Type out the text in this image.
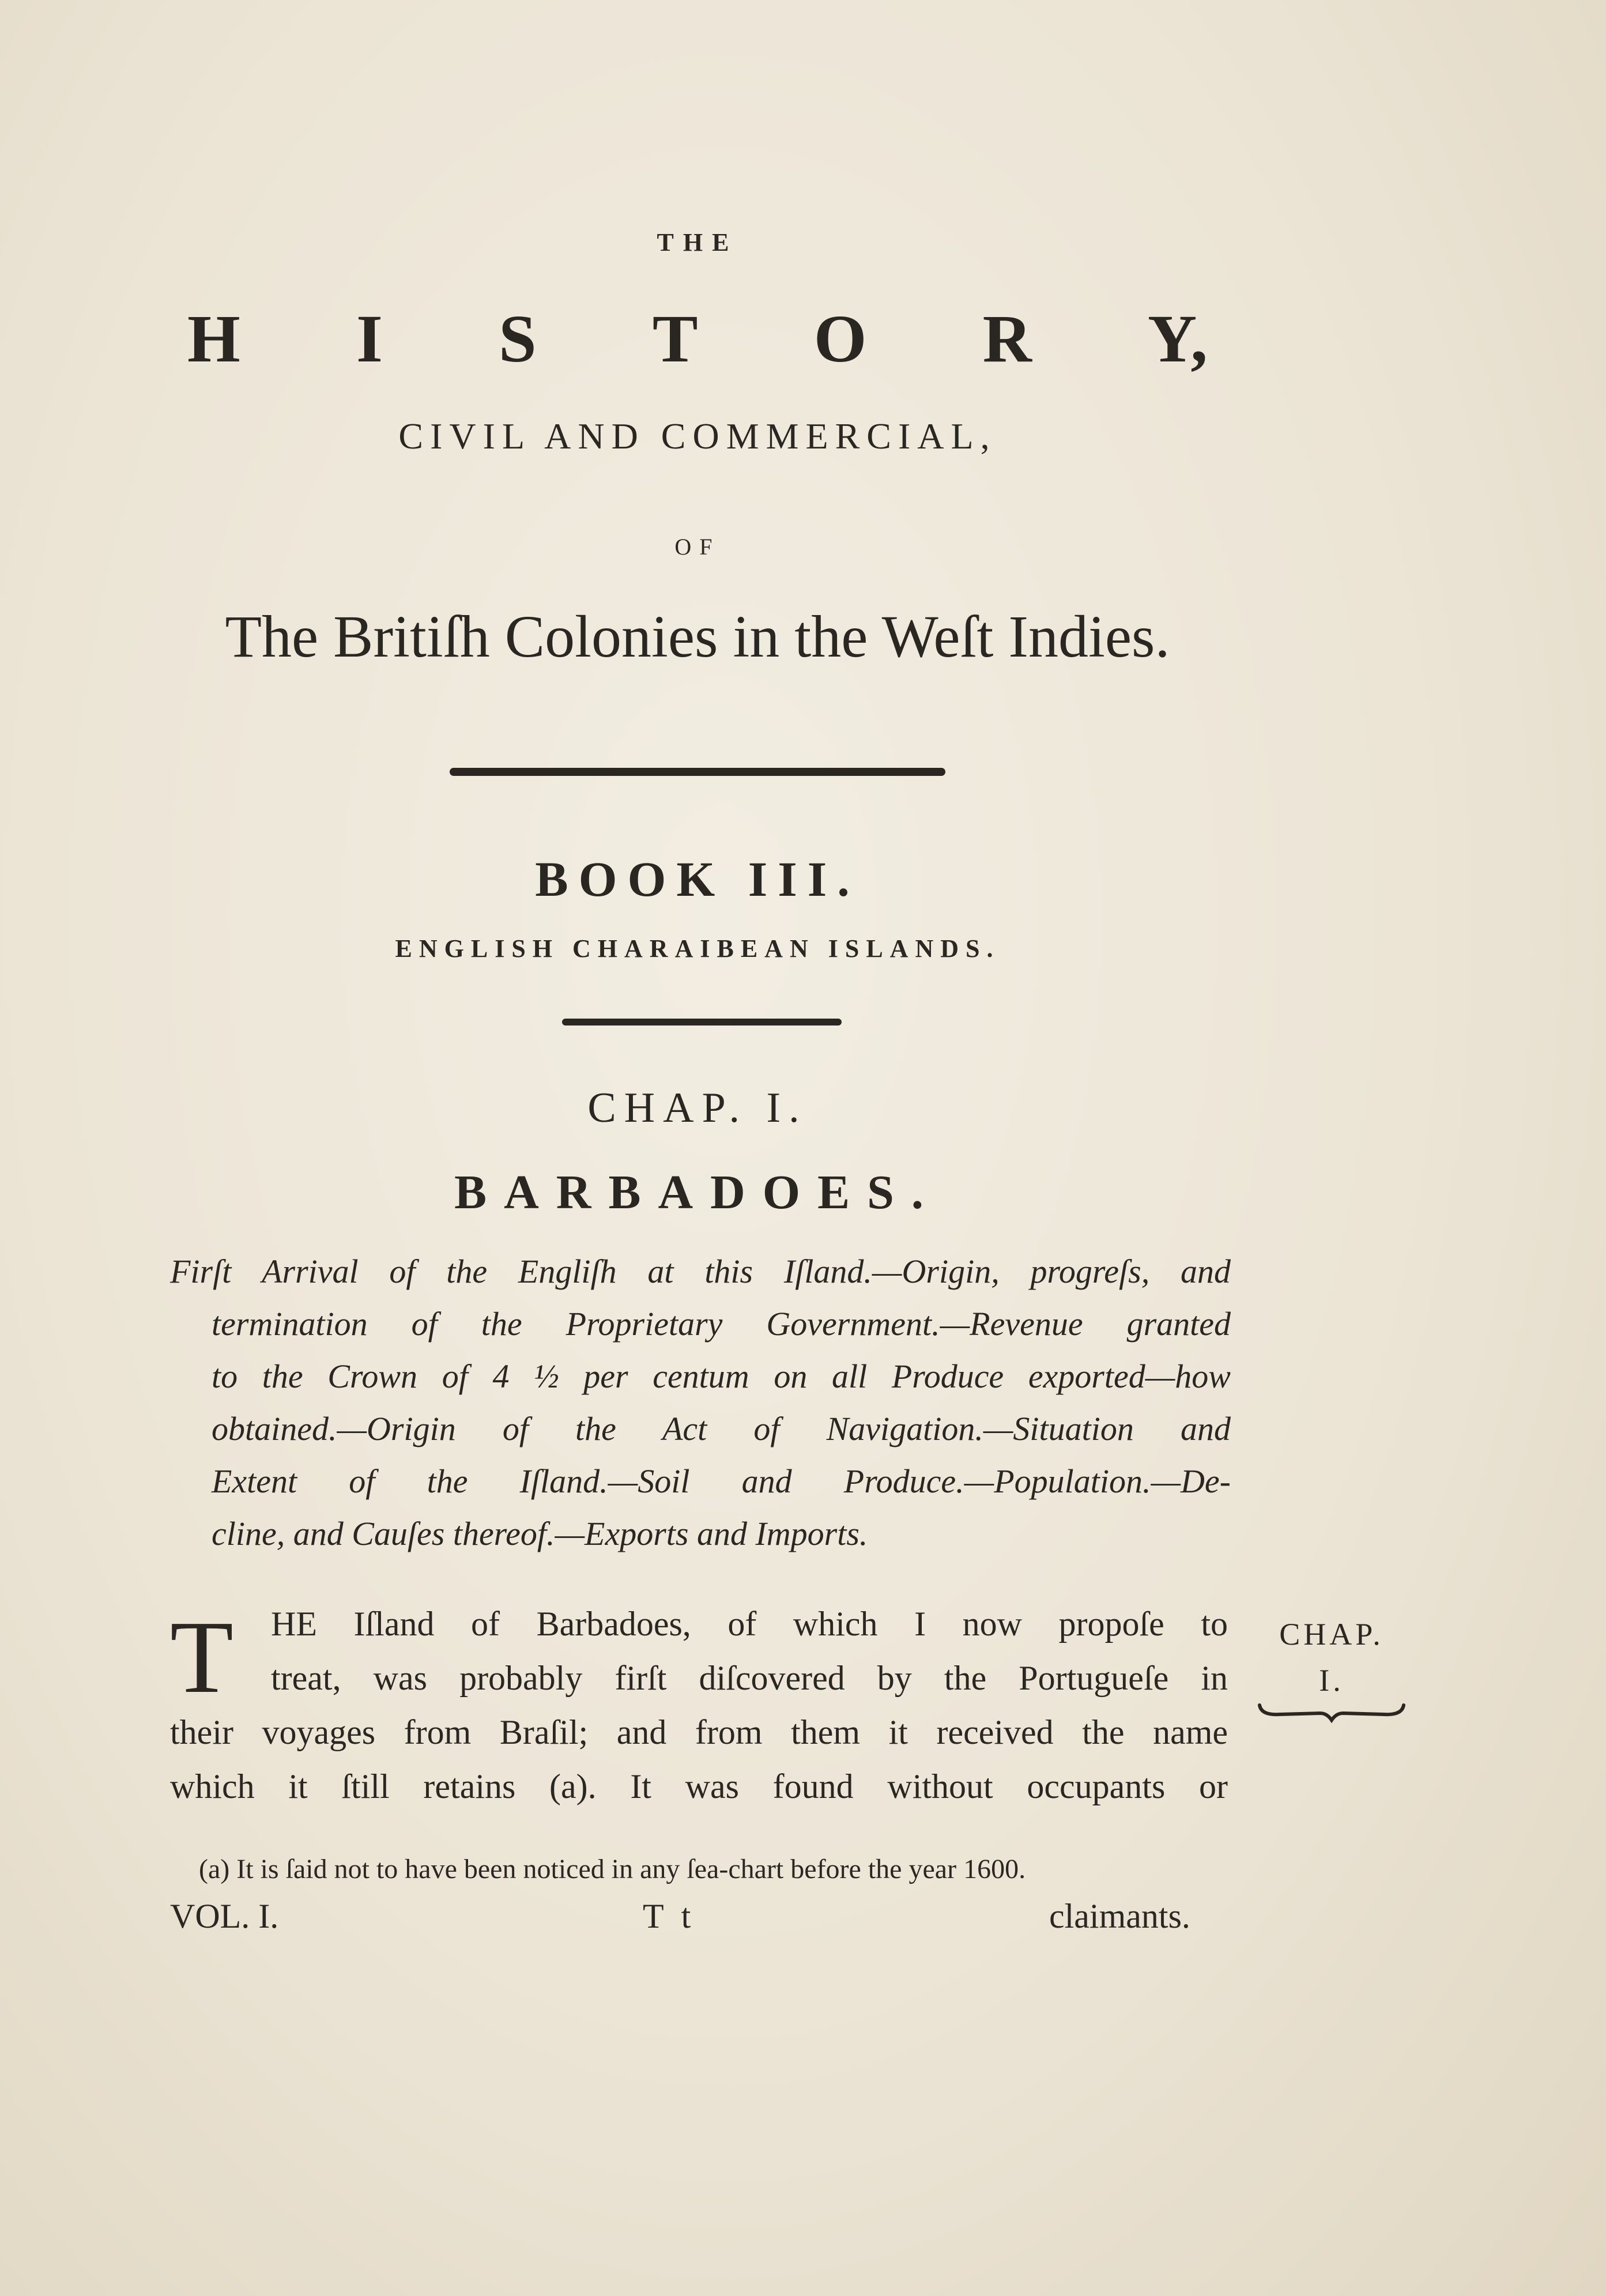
THE
H I S T O R Y,
CIVIL AND COMMERCIAL,
OF
The Britiſh Colonies in the Weſt Indies.
BOOK III.
ENGLISH CHARAIBEAN ISLANDS.
CHAP. I.
BARBADOES.
Firſt Arrival of the Engliſh at this Iſland.—Origin, progreſs, and
termination of the Proprietary Government.—Revenue granted
to the Crown of 4 ½ per centum on all Produce exported—how
obtained.—Origin of the Act of Navigation.—Situation and
Extent of the Iſland.—Soil and Produce.—Population.—De-
cline, and Cauſes thereof.—Exports and Imports.
T	HE Iſland of Barbadoes, of which I now propoſe to
treat, was probably firſt diſcovered by the Portugueſe in
their voyages from Braſil; and from them it received the name
which it ſtill retains (a). It was found without occupants or
CHAP.
I.
(a) It is ſaid not to have been noticed in any ſea-chart before the year 1600.
VOL. I.	T t	claimants.
